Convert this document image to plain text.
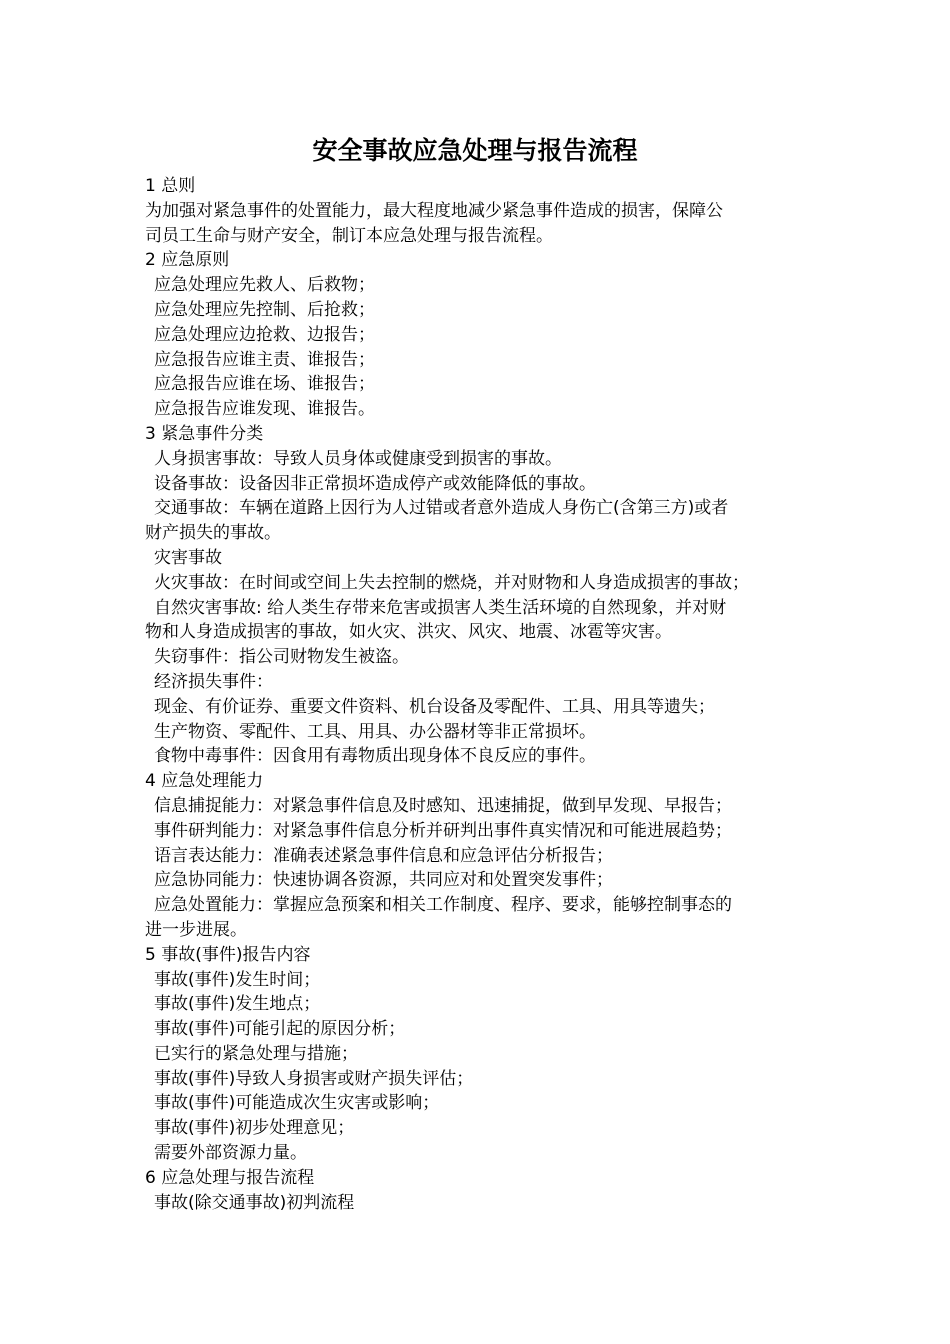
安全事故应急处理与报告流程
1 总则
为加强对紧急事件的处置能力，最大程度地减少紧急事件造成的损害，保障公
司员工生命与财产安全，制订本应急处理与报告流程。
2 应急原则
应急处理应先救人、后救物；
应急处理应先控制、后抢救；
应急处理应边抢救、边报告；
应急报告应谁主责、谁报告；
应急报告应谁在场、谁报告；
应急报告应谁发现、谁报告。
3 紧急事件分类
人身损害事故：导致人员身体或健康受到损害的事故。
设备事故：设备因非正常损坏造成停产或效能降低的事故。
交通事故：车辆在道路上因行为人过错或者意外造成人身伤亡(含第三方)或者
财产损失的事故。
灾害事故
火灾事故：在时间或空间上失去控制的燃烧，并对财物和人身造成损害的事故；
自然灾害事故: 给人类生存带来危害或损害人类生活环境的自然现象，并对财
物和人身造成损害的事故，如火灾、洪灾、风灾、地震、冰雹等灾害。
失窃事件：指公司财物发生被盗。
经济损失事件：
现金、有价证券、重要文件资料、机台设备及零配件、工具、用具等遗失；
生产物资、零配件、工具、用具、办公器材等非正常损坏。
食物中毒事件：因食用有毒物质出现身体不良反应的事件。
4 应急处理能力
信息捕捉能力：对紧急事件信息及时感知、迅速捕捉，做到早发现、早报告；
事件研判能力：对紧急事件信息分析并研判出事件真实情况和可能进展趋势；
语言表达能力：准确表述紧急事件信息和应急评估分析报告；
应急协同能力：快速协调各资源，共同应对和处置突发事件；
应急处置能力：掌握应急预案和相关工作制度、程序、要求，能够控制事态的
进一步进展。
5 事故(事件)报告内容
事故(事件)发生时间；
事故(事件)发生地点；
事故(事件)可能引起的原因分析；
已实行的紧急处理与措施；
事故(事件)导致人身损害或财产损失评估；
事故(事件)可能造成次生灾害或影响；
事故(事件)初步处理意见；
需要外部资源力量。
6 应急处理与报告流程
事故(除交通事故)初判流程
